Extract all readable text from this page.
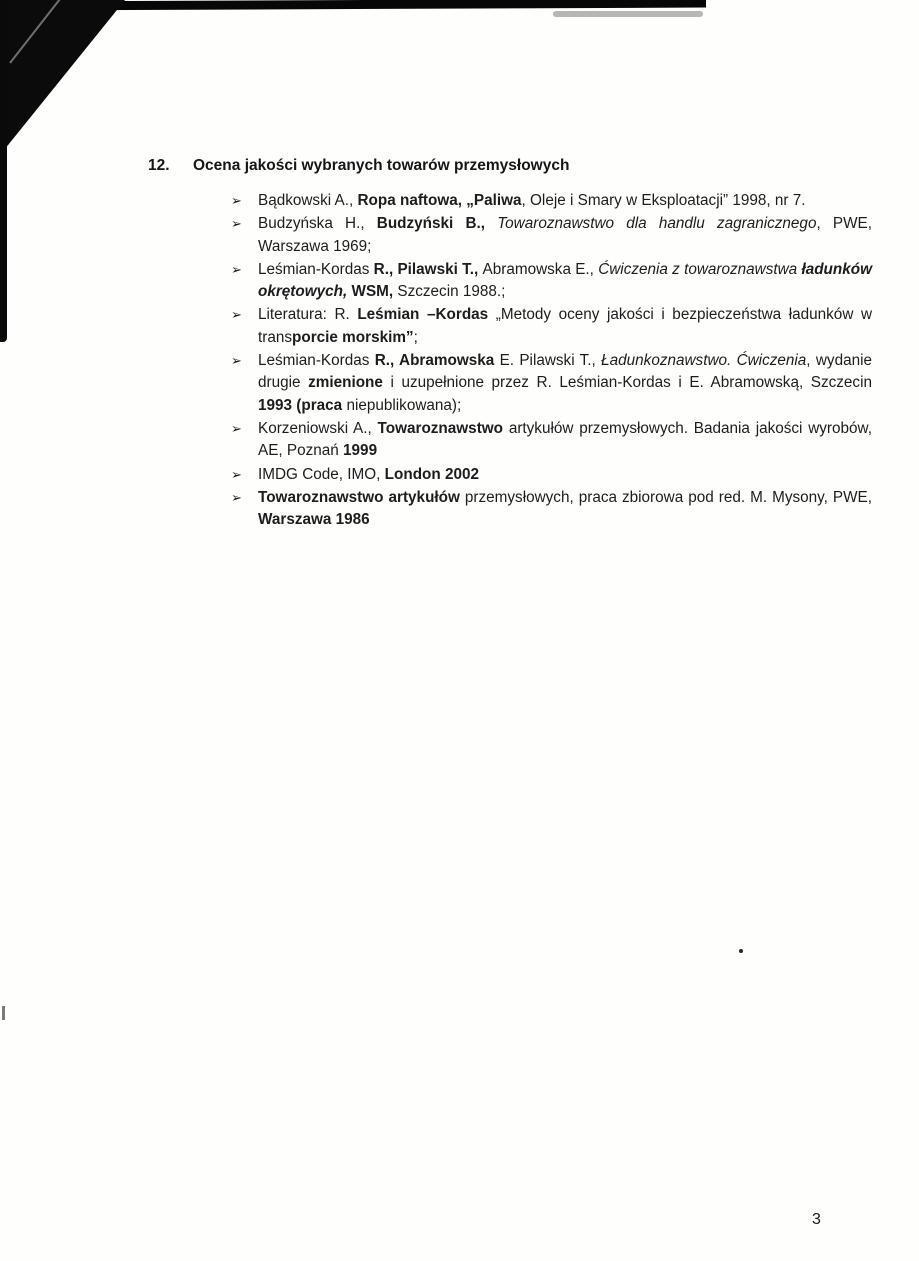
12.	Ocena jakości wybranych towarów przemysłowych
➢ Bądkowski A., Ropa naftowa, „Paliwa, Oleje i Smary w Eksploatacji” 1998, nr 7.
➢ Budzyńska H., Budzyński B., Towaroznawstwo dla handlu zagranicznego, PWE, Warszawa 1969;
➢ Leśmian-Kordas R., Pilawski T., Abramowska E., Ćwiczenia z towaroznawstwa ładunków okrętowych, WSM, Szczecin 1988.;
➢ Literatura: R. Leśmian –Kordas „Metody oceny jakości i bezpieczeństwa ładunków w transporcie morskim”;
➢ Leśmian-Kordas R., Abramowska E. Pilawski T., Ładunkoznawstwo. Ćwiczenia, wydanie drugie zmienione i uzupełnione przez R. Leśmian-Kordas i E. Abramowską, Szczecin 1993 (praca niepublikowana);
➢ Korzeniowski A., Towaroznawstwo artykułów przemysłowych. Badania jakości wyrobów, AE, Poznań 1999
➢ IMDG Code, IMO, London 2002
➢ Towaroznawstwo artykułów przemysłowych, praca zbiorowa pod red. M. Mysony, PWE, Warszawa 1986
3
